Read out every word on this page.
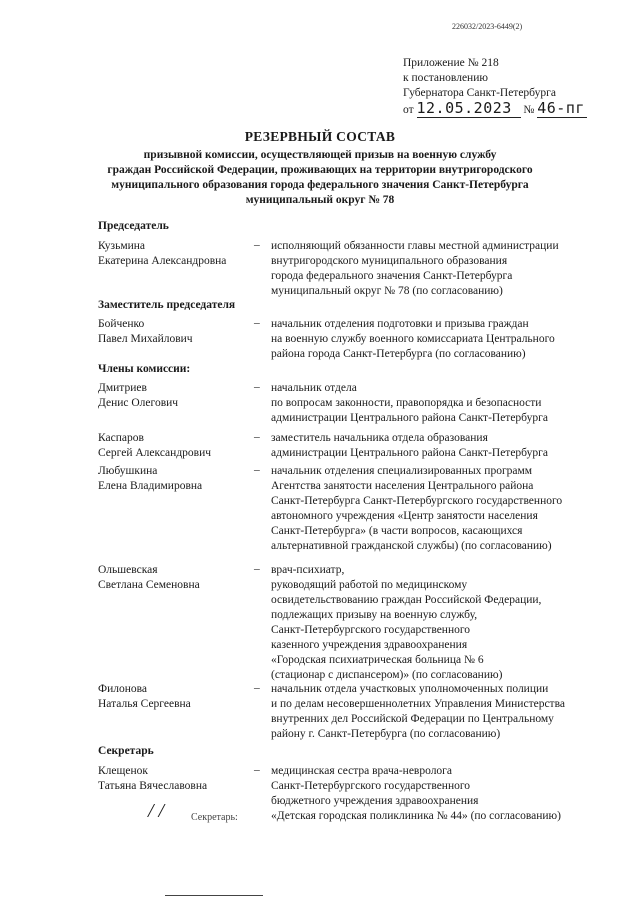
226032/2023-6449(2)
Приложение № 218
к постановлению
Губернатора Санкт-Петербурга
от 12.05.2023 № 46-пг
РЕЗЕРВНЫЙ СОСТАВ
призывной комиссии, осуществляющей призыв на военную службу
граждан Российской Федерации, проживающих на территории внутригородского
муниципального образования города федерального значения Санкт-Петербурга
муниципальный округ № 78
Председатель
Кузьмина
Екатерина Александровна
– исполняющий обязанности главы местной администрации
внутригородского муниципального образования
города федерального значения Санкт-Петербурга
муниципальный округ № 78 (по согласованию)
Заместитель председателя
Бойченко
Павел Михайлович
– начальник отделения подготовки и призыва граждан
на военную службу военного комиссариата Центрального
района города Санкт-Петербурга (по согласованию)
Члены комиссии:
Дмитриев
Денис Олегович
– начальник отдела
по вопросам законности, правопорядка и безопасности
администрации Центрального района Санкт-Петербурга
Каспаров
Сергей Александрович
– заместитель начальника отдела образования
администрации Центрального района Санкт-Петербурга
Любушкина
Елена Владимировна
– начальник отделения специализированных программ
Агентства занятости населения Центрального района
Санкт-Петербурга Санкт-Петербургского государственного
автономного учреждения «Центр занятости населения
Санкт-Петербурга» (в части вопросов, касающихся
альтернативной гражданской службы) (по согласованию)
Ольшевская
Светлана Семеновна
– врач-психиатр,
руководящий работой по медицинскому
освидетельствованию граждан Российской Федерации,
подлежащих призыву на военную службу,
Санкт-Петербургского государственного
казенного учреждения здравоохранения
«Городская психиатрическая больница № 6
(стационар с диспансером)» (по согласованию)
Филонова
Наталья Сергеевна
– начальник отдела участковых уполномоченных полиции
и по делам несовершеннолетних Управления Министерства
внутренних дел Российской Федерации по Центральному
району г. Санкт-Петербурга (по согласованию)
Секретарь
Клещенок
Татьяна Вячеславовна
– медицинская сестра врача-невролога
Санкт-Петербургского государственного
бюджетного учреждения здравоохранения
«Детская городская поликлиника № 44» (по согласованию)
/ /	Секретарь:
